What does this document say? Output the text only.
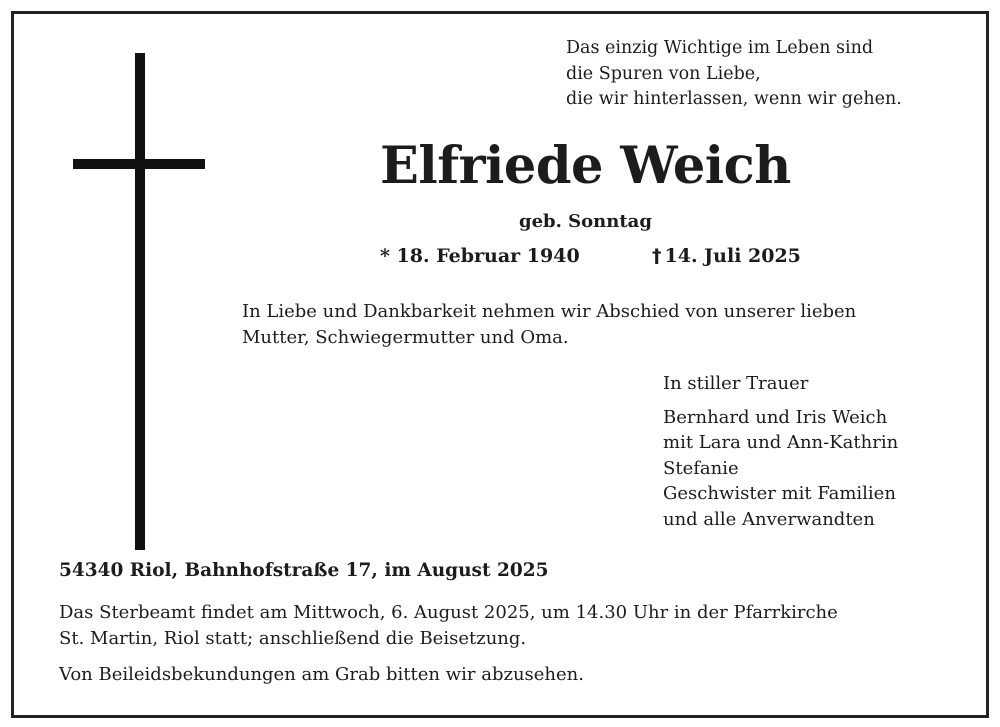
Das einzig Wichtige im Leben sind
die Spuren von Liebe,
die wir hinterlassen, wenn wir gehen.
Elfriede Weich
geb. Sonntag
* 18. Februar 1940	† 14. Juli 2025
In Liebe und Dankbarkeit nehmen wir Abschied von unserer lieben
Mutter, Schwiegermutter und Oma.
In stiller Trauer
Bernhard und Iris Weich
mit Lara und Ann-Kathrin
Stefanie
Geschwister mit Familien
und alle Anverwandten
54340 Riol, Bahnhofstraße 17, im August 2025
Das Sterbeamt findet am Mittwoch, 6. August 2025, um 14.30 Uhr in der Pfarrkirche
St. Martin, Riol statt; anschließend die Beisetzung.
Von Beileidsbekundungen am Grab bitten wir abzusehen.
